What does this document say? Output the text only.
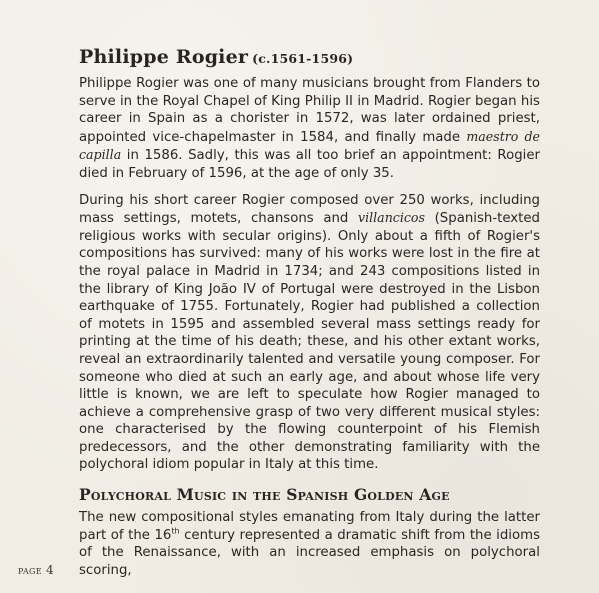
Philippe Rogier (c.1561-1596)

Philippe Rogier was one of many musicians brought from Flanders to serve in the Royal Chapel of King Philip II in Madrid. Rogier began his career in Spain as a chorister in 1572, was later ordained priest, appointed vice-chapelmaster in 1584, and finally made maestro de capilla in 1586. Sadly, this was all too brief an appointment: Rogier died in February of 1596, at the age of only 35.

During his short career Rogier composed over 250 works, including mass settings, motets, chansons and villancicos (Spanish-texted religious works with secular origins). Only about a fifth of Rogier's compositions has survived: many of his works were lost in the fire at the royal palace in Madrid in 1734; and 243 compositions listed in the library of King João IV of Portugal were destroyed in the Lisbon earthquake of 1755. Fortunately, Rogier had published a collection of motets in 1595 and assembled several mass settings ready for printing at the time of his death; these, and his other extant works, reveal an extraordinarily talented and versatile young composer. For someone who died at such an early age, and about whose life very little is known, we are left to speculate how Rogier managed to achieve a comprehensive grasp of two very different musical styles: one characterised by the flowing counterpoint of his Flemish predecessors, and the other demonstrating familiarity with the polychoral idiom popular in Italy at this time.

Polychoral Music in the Spanish Golden Age

The new compositional styles emanating from Italy during the latter part of the 16th century represented a dramatic shift from the idioms of the Renaissance, with an increased emphasis on polychoral scoring,

page 4
